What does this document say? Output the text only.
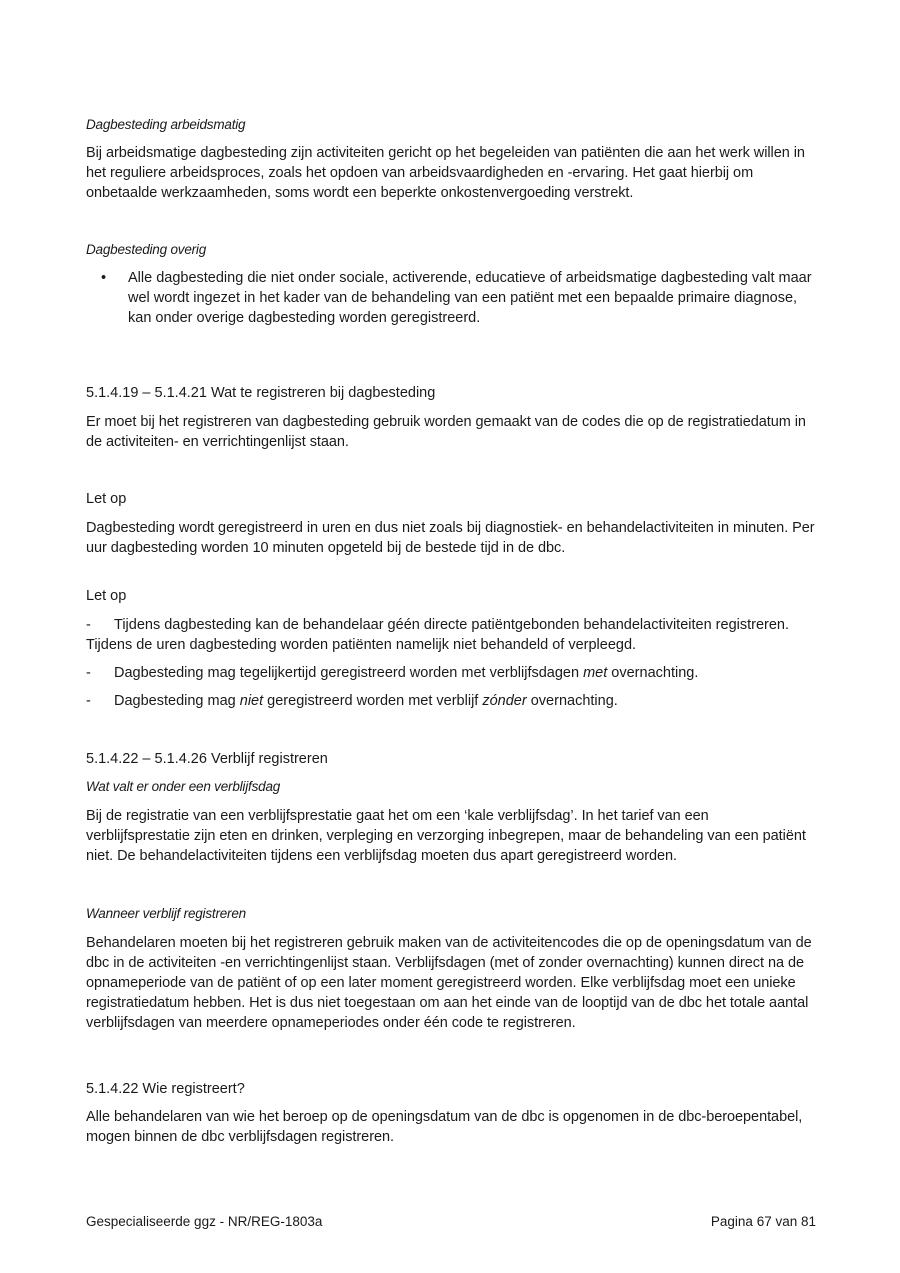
Dagbesteding arbeidsmatig

Bij arbeidsmatige dagbesteding zijn activiteiten gericht op het begeleiden van patiënten die aan het werk willen in het reguliere arbeidsproces, zoals het opdoen van arbeidsvaardigheden en -ervaring. Het gaat hierbij om onbetaalde werkzaamheden, soms wordt een beperkte onkostenvergoeding verstrekt.

Dagbesteding overig

•	Alle dagbesteding die niet onder sociale, activerende, educatieve of arbeidsmatige dagbesteding valt maar wel wordt ingezet in het kader van de behandeling van een patiënt met een bepaalde primaire diagnose, kan onder overige dagbesteding worden geregistreerd.

5.1.4.19 – 5.1.4.21 Wat te registreren bij dagbesteding

Er moet bij het registreren van dagbesteding gebruik worden gemaakt van de codes die op de registratiedatum in de activiteiten- en verrichtingenlijst staan.

Let op

Dagbesteding wordt geregistreerd in uren en dus niet zoals bij diagnostiek- en behandelactiviteiten in minuten. Per uur dagbesteding worden 10 minuten opgeteld bij de bestede tijd in de dbc.

Let op

-	Tijdens dagbesteding kan de behandelaar géén directe patiëntgebonden behandelactiviteiten registreren. Tijdens de uren dagbesteding worden patiënten namelijk niet behandeld of verpleegd.
-	Dagbesteding mag tegelijkertijd geregistreerd worden met verblijfsdagen met overnachting.
-	Dagbesteding mag niet geregistreerd worden met verblijf zónder overnachting.

5.1.4.22 – 5.1.4.26 Verblijf registreren

Wat valt er onder een verblijfsdag

Bij de registratie van een verblijfsprestatie gaat het om een ‘kale verblijfsdag’. In het tarief van een verblijfsprestatie zijn eten en drinken, verpleging en verzorging inbegrepen, maar de behandeling van een patiënt niet. De behandelactiviteiten tijdens een verblijfsdag moeten dus apart geregistreerd worden.

Wanneer verblijf registreren

Behandelaren moeten bij het registreren gebruik maken van de activiteitencodes die op de openingsdatum van de dbc in de activiteiten -en verrichtingenlijst staan. Verblijfsdagen (met of zonder overnachting) kunnen direct na de opnameperiode van de patiënt of op een later moment geregistreerd worden. Elke verblijfsdag moet een unieke registratiedatum hebben. Het is dus niet toegestaan om aan het einde van de looptijd van de dbc het totale aantal verblijfsdagen van meerdere opnameperiodes onder één code te registreren.

5.1.4.22 Wie registreert?

Alle behandelaren van wie het beroep op de openingsdatum van de dbc is opgenomen in de dbc-beroepentabel, mogen binnen de dbc verblijfsdagen registreren.

Gespecialiseerde ggz - NR/REG-1803a	Pagina 67 van 81
